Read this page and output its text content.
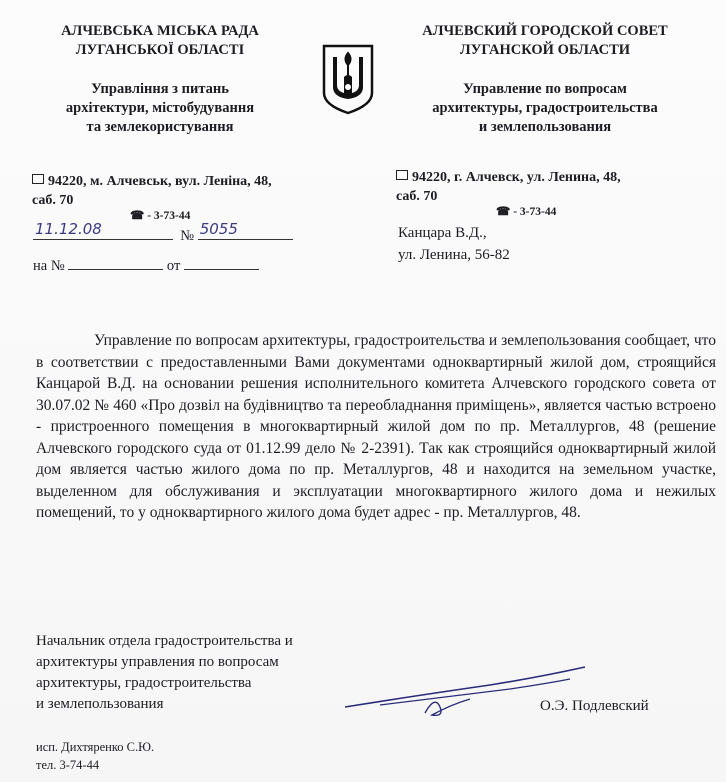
АЛЧЕВСЬКА МІСЬКА РАДА
ЛУГАНСЬКОЇ ОБЛАСТІ
Управління з питань
архітектури, містобудування
та землекористування
АЛЧЕВСКИЙ ГОРОДСКОЙ СОВЕТ
ЛУГАНСКОЙ ОБЛАСТИ
Управление по вопросам
архитектуры, градостроительства
и землепользования
94220, м. Алчевськ, вул. Леніна, 48,
саб. 70
☎ - 3-73-44
94220, г. Алчевск, ул. Ленина, 48,
саб. 70
☎ - 3-73-44
11.12.08	№ 5055
на №	от
Канцара В.Д.,
ул. Ленина, 56-82
Управление по вопросам архитектуры, градостроительства и землепользования сообщает, что в соответствии с предоставленными Вами документами одноквартирный жилой дом, строящийся Канцарой В.Д. на основании решения исполнительного комитета Алчевского городского совета от 30.07.02 № 460 «Про дозвіл на будівництво та переобладнання приміщень», является частью встроено - пристроенного помещения в многоквартирный жилой дом по пр. Металлургов, 48 (решение Алчевского городского суда от 01.12.99 дело № 2-2391). Так как строящийся одноквартирный жилой дом является частью жилого дома по пр. Металлургов, 48 и находится на земельном участке, выделенном для обслуживания и эксплуатации многоквартирного жилого дома и нежилых помещений, то у одноквартирного жилого дома будет адрес - пр. Металлургов, 48.
Начальник отдела градостроительства и
архитектуры управления по вопросам
архитектуры, градостроительства
и землепользования	О.Э. Подлевский
исп. Дихтяренко С.Ю.
тел. 3-74-44
